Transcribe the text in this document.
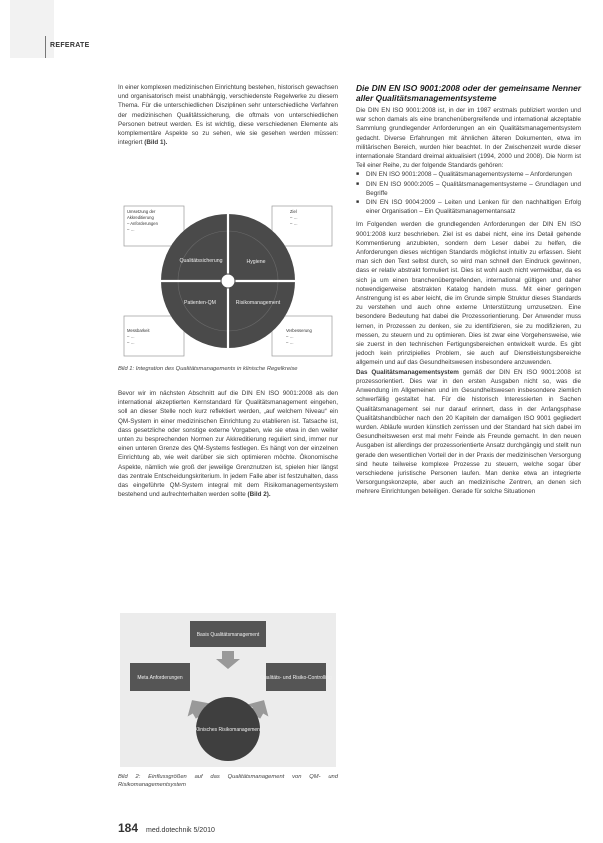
REFERATE

In einer komplexen medizinischen Einrichtung bestehen, historisch gewachsen und organisatorisch meist unabhängig, verschiedenste Regelwerke zu diesem Thema. Für die unterschiedlichen Disziplinen sehr unterschiedliche Verfahren der medizinischen Qualitätssicherung, die oftmals von unterschiedlichen Personen betreut werden. Es ist wichtig, diese verschiedenen Elemente als komplementäre Aspekte so zu sehen, wie sie gesehen werden müssen: integriert (Bild 1).

Umsetzung der
Akkreditierung
– Anforderungen
– …
Ziel
– …
– …
Messbarkeit
– …
– …
Verbesserung
– …
– …
Qualitätssicherung	Hygiene
Patienten-QM	Risikomanagement
Bild 1: Integration des Qualitätsmanagements in klinische Regelkreise

Bevor wir im nächsten Abschnitt auf die DIN EN ISO 9001:2008 als den international akzeptierten Kernstandard für Qualitätsmanagement eingehen, soll an dieser Stelle noch kurz reflektiert werden, „auf welchem Niveau“ ein QM-System in einer medizinischen Einrichtung zu etablieren ist. Tatsache ist, dass gesetzliche oder sonstige externe Vorgaben, wie sie etwa in den weiter unten zu besprechenden Normen zur Akkreditierung reguliert sind, immer nur einen unteren Grenze des QM-Systems festlegen. Es hängt von der einzelnen Einrichtung ab, wie weit darüber sie sich optimieren möchte. Ökonomische Aspekte, nämlich wie groß der jeweilige Grenznutzen ist, spielen hier längst das zentrale Entscheidungskriterium. In jedem Falle aber ist festzuhalten, dass das eingeführte QM-System integral mit dem Risikomanagementsystem bestehend und aufrechterhalten werden sollte (Bild 2).

Basis Qualitätsmanagement
Meta Anforderungen	Qualitäts- und Risiko-Controlling
Klinisches Risikomanagement
Bild 2: Einflussgrößen auf das Qualitätsmanagement von QM- und Risikomanagementsystem
Die DIN EN ISO 9001:2008 oder der gemeinsame Nenner aller Qualitätsmanagementsysteme

Die DIN EN ISO 9001:2008 ist, in der im 1987 erstmals publiziert worden und war schon damals als eine branchenübergreifende und international akzeptable Sammlung grundlegender Anforderungen an ein Qualitätsmanagementsystem gedacht. Diverse Erfahrungen mit ähnlichen älteren Dokumenten, etwa im militärischen Bereich, wurden hier beachtet. In der Zwischenzeit wurde dieser internationale Standard dreimal aktualisiert (1994, 2000 und 2008). Die Norm ist Teil einer Reihe, zu der folgende Standards gehören:

■ DIN EN ISO 9001:2008 – Qualitätsmanagementsysteme – Anforderungen
■ DIN EN ISO 9000:2005 – Qualitätsmanagementsysteme – Grundlagen und Begriffe
■ DIN EN ISO 9004:2009 – Leiten und Lenken für den nachhaltigen Erfolg einer Organisation – Ein Qualitätsmanagementansatz

Im Folgenden werden die grundlegenden Anforderungen der DIN EN ISO 9001:2008 kurz beschrieben. Ziel ist es dabei nicht, eine ins Detail gehende Kommentierung anzubieten, sondern dem Leser dabei zu helfen, die Anforderungen dieses wichtigen Standards möglichst intuitiv zu erfassen. Sieht man sich den Text selbst durch, so wird man schnell den Eindruck gewinnen, dass er relativ abstrakt formuliert ist. Dies ist wohl auch nicht vermeidbar, da es sich ja um einen branchenübergreifenden, international gültigen und daher notwendigerweise abstrakten Katalog handeln muss. Mit einer geringen Anstrengung ist es aber leicht, die im Grunde simple Struktur dieses Standards zu verstehen und auch ohne externe Unterstützung umzusetzen. Eine besondere Bedeutung hat dabei die Prozessorientierung. Der Anwender muss lernen, in Prozessen zu denken, sie zu identifizieren, sie zu modifizieren, zu messen, zu steuern und zu optimieren. Dies ist zwar eine Vorgehensweise, wie sie zuerst in den technischen Fertigungsbereichen entwickelt wurde. Es gibt jedoch kein prinzipielles Problem, sie auch auf Dienstleistungsbereiche allgemein und auf das Gesundheitswesen insbesondere anzuwenden.

Das Qualitätsmanagementsystem gemäß der DIN EN ISO 9001:2008 ist prozessorientiert. Dies war in den ersten Ausgaben nicht so, was die Anwendung im Allgemeinen und im Gesundheitswesen insbesondere ziemlich schwerfällig gestaltet hat. Für die historisch Interessierten in Sachen Qualitätsmanagement sei nur darauf erinnert, dass in der Anfangsphase Qualitätshandbücher nach den 20 Kapiteln der damaligen ISO 9001 gegliedert wurden. Abläufe wurden künstlich zerrissen und der Standard hat sich dabei im Gesundheitswesen erst mal mehr Feinde als Freunde gemacht. In den neuen Ausgaben ist allerdings der prozessorientierte Ansatz durchgängig und stellt nun gerade den wesentlichen Vorteil der in der Praxis der medizinischen Versorgung sind heute teilweise komplexe Prozesse zu steuern, welche sogar über verschiedene juristische Personen laufen. Man denke etwa an integrierte Versorgungskonzepte, aber auch an medizinische Zentren, an denen sich mehrere Einrichtungen beteiligen. Gerade für solche Situationen

184 med.dotechnik 5/2010
